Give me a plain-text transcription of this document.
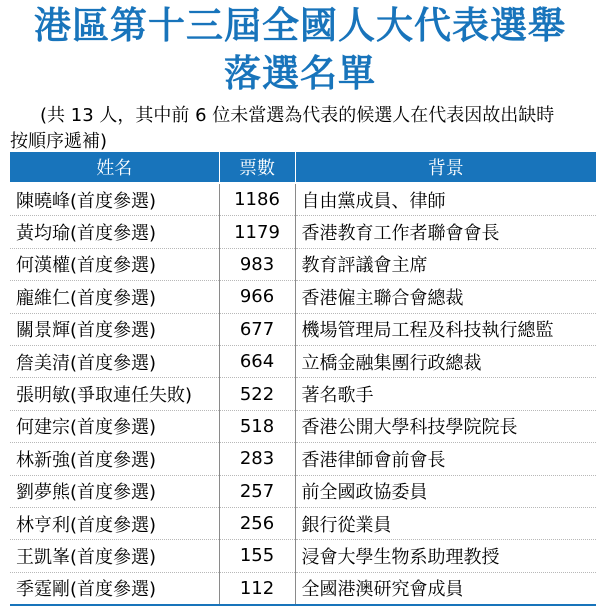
港區第十三屆全國人大代表選舉
落選名單
(共 13 人，其中前 6 位未當選為代表的候選人在代表因故出缺時
按順序遞補)
姓名	票數	背景
陳曉峰(首度參選)	1186	自由黨成員、律師
黃均瑜(首度參選)	1179	香港教育工作者聯會會長
何漢權(首度參選)	983	教育評議會主席
龐維仁(首度參選)	966	香港僱主聯合會總裁
關景輝(首度參選)	677	機場管理局工程及科技執行總監
詹美清(首度參選)	664	立橋金融集團行政總裁
張明敏(爭取連任失敗)	522	著名歌手
何建宗(首度參選)	518	香港公開大學科技學院院長
林新強(首度參選)	283	香港律師會前會長
劉夢熊(首度參選)	257	前全國政協委員
林亨利(首度參選)	256	銀行從業員
王凱峯(首度參選)	155	浸會大學生物系助理教授
季霆剛(首度參選)	112	全國港澳研究會成員
